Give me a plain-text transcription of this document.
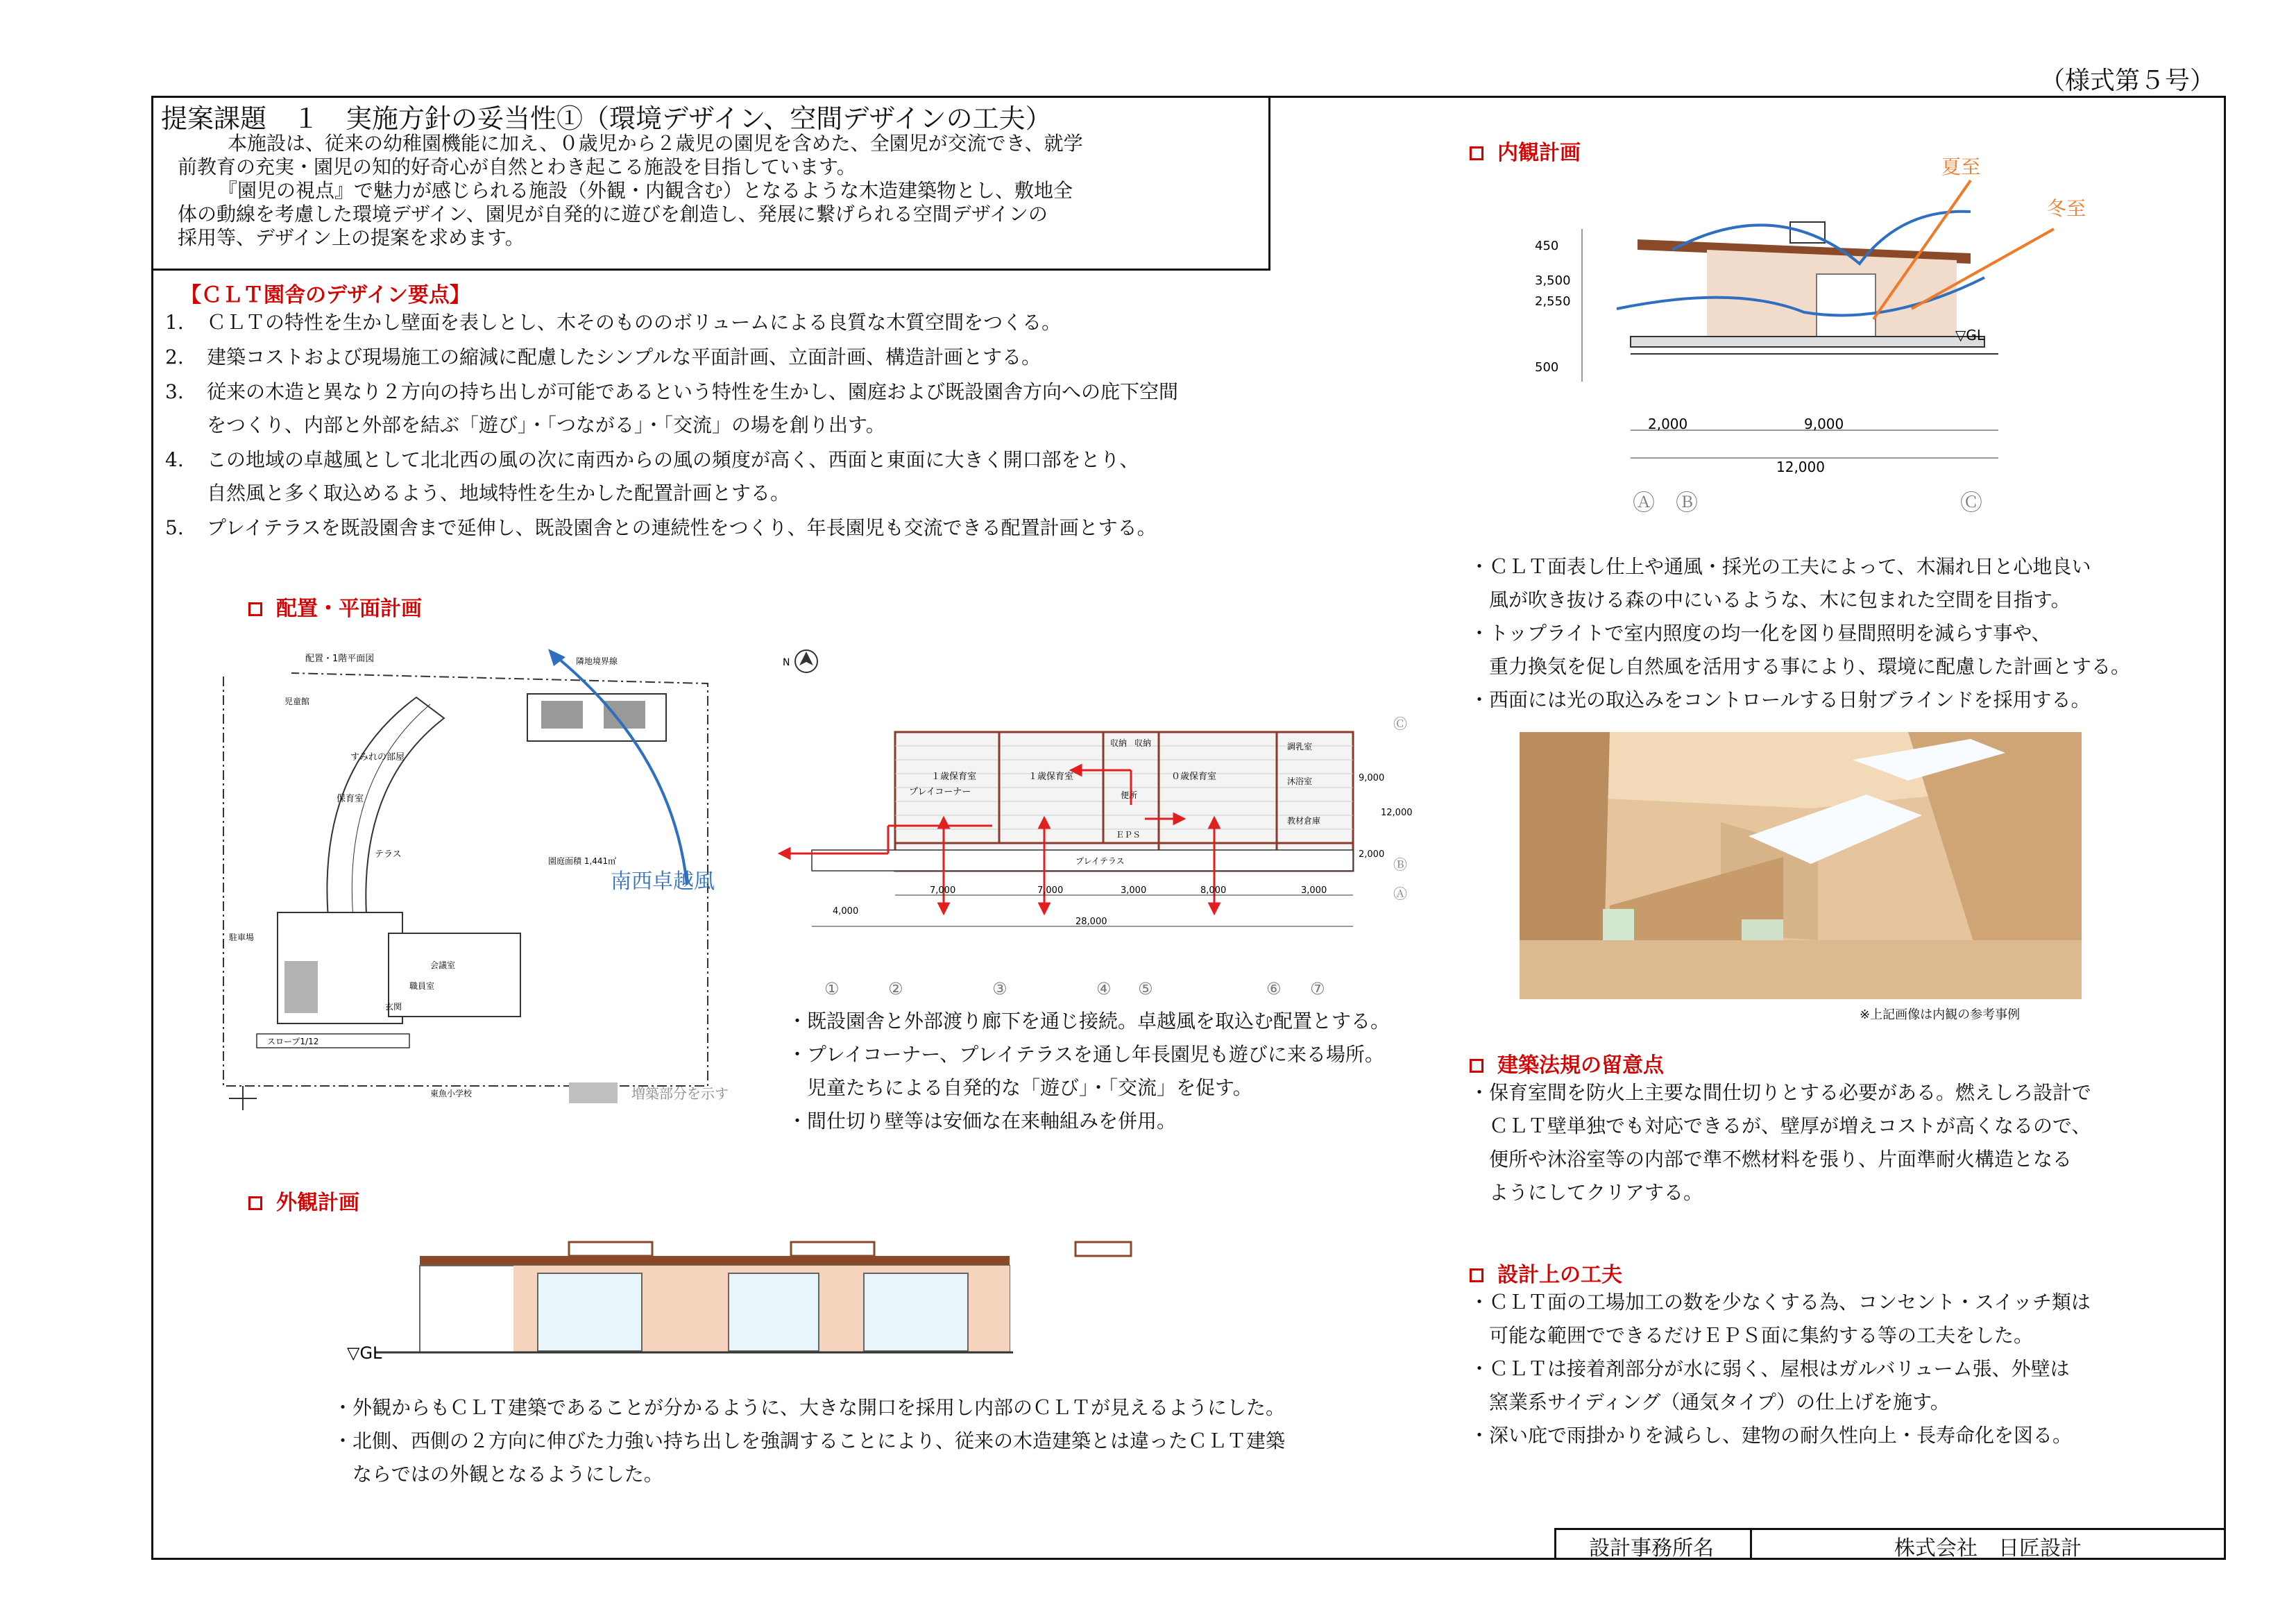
（様式第５号）
提案課題　１　実施方針の妥当性①（環境デザイン、空間デザインの工夫）

　本施設は、従来の幼稚園機能に加え、０歳児から２歳児の園児を含めた、全園児が交流でき、就学

前教育の充実・園児の知的好奇心が自然とわき起こる施設を目指しています。

　『園児の視点』で魅力が感じられる施設（外観・内観含む）となるような木造建築物とし、敷地全

体の動線を考慮した環境デザイン、園児が自発的に遊びを創造し、発展に繋げられる空間デザインの

採用等、デザイン上の提案を求めます。

【ＣＬＴ園舎のデザイン要点】
1. ＣＬＴの特性を生かし壁面を表しとし、木そのもののボリュームによる良質な木質空間をつくる。
2. 建築コストおよび現場施工の縮減に配慮したシンプルな平面計画、立面計画、構造計画とする。
3. 従来の木造と異なり２方向の持ち出しが可能であるという特性を生かし、園庭および既設園舎方向への庇下空間
をつくり、内部と外部を結ぶ「遊び」・「つながる」・「交流」の場を創り出す。
4. この地域の卓越風として北北西の風の次に南西からの風の頻度が高く、西面と東面に大きく開口部をとり、
自然風と多く取込めるよう、地域特性を生かした配置計画とする。
5. プレイテラスを既設園舎まで延伸し、既設園舎との連続性をつくり、年長園児も交流できる配置計画とする。
配置・平面計画
配置・1階平面図
すみれの部屋
保育室
テラス
園庭面積 1,441㎡
会議室
職員室
玄関
スロープ1/12
駐車場
児童館
東魚小学校
隣地境界線
南西卓越風
増築部分を示す
N
プレイコーナー
１歳保育室	１歳保育室	０歳保育室
収納 収納
便所
調乳室
沐浴室
教材倉庫
ＥＰＳ
プレイテラス
4,000
7,000	7,000	3,000	8,000	3,000
28,000
9,000
2,000
12,000
Ⓒ
Ⓑ
Ⓐ
①	②	③	④ ⑤	⑥ ⑦
・既設園舎と外部渡り廊下を通じ接続。卓越風を取込む配置とする。
・プレイコーナー、プレイテラスを通し年長園児も遊びに来る場所。
　児童たちによる自発的な「遊び」・「交流」を促す。
・間仕切り壁等は安価な在来軸組みを併用。
外観計画
▽GL
・外観からもＣＬＴ建築であることが分かるように、大きな開口を採用し内部のＣＬＴが見えるようにした。
・北側、西側の２方向に伸びた力強い持ち出しを強調することにより、従来の木造建築とは違ったＣＬＴ建築
　ならではの外観となるようにした。
内観計画
夏至
冬至
▽GL
450
2,550
3,500
500
2,000	9,000
12,000
Ⓐ Ⓑ	Ⓒ
・ＣＬＴ面表し仕上や通風・採光の工夫によって、木漏れ日と心地良い
　風が吹き抜ける森の中にいるような、木に包まれた空間を目指す。
・トップライトで室内照度の均一化を図り昼間照明を減らす事や、
　重力換気を促し自然風を活用する事により、環境に配慮した計画とする。
・西面には光の取込みをコントロールする日射ブラインドを採用する。
※上記画像は内観の参考事例
建築法規の留意点
・保育室間を防火上主要な間仕切りとする必要がある。燃えしろ設計で
　ＣＬＴ壁単独でも対応できるが、壁厚が増えコストが高くなるので、
　便所や沐浴室等の内部で準不燃材料を張り、片面準耐火構造となる
　ようにしてクリアする。
設計上の工夫
・ＣＬＴ面の工場加工の数を少なくする為、コンセント・スイッチ類は
　可能な範囲でできるだけＥＰＳ面に集約する等の工夫をした。
・ＣＬＴは接着剤部分が水に弱く、屋根はガルバリューム張、外壁は
　窯業系サイディング（通気タイプ）の仕上げを施す。
・深い庇で雨掛かりを減らし、建物の耐久性向上・長寿命化を図る。
設計事務所名	株式会社　日匠設計
